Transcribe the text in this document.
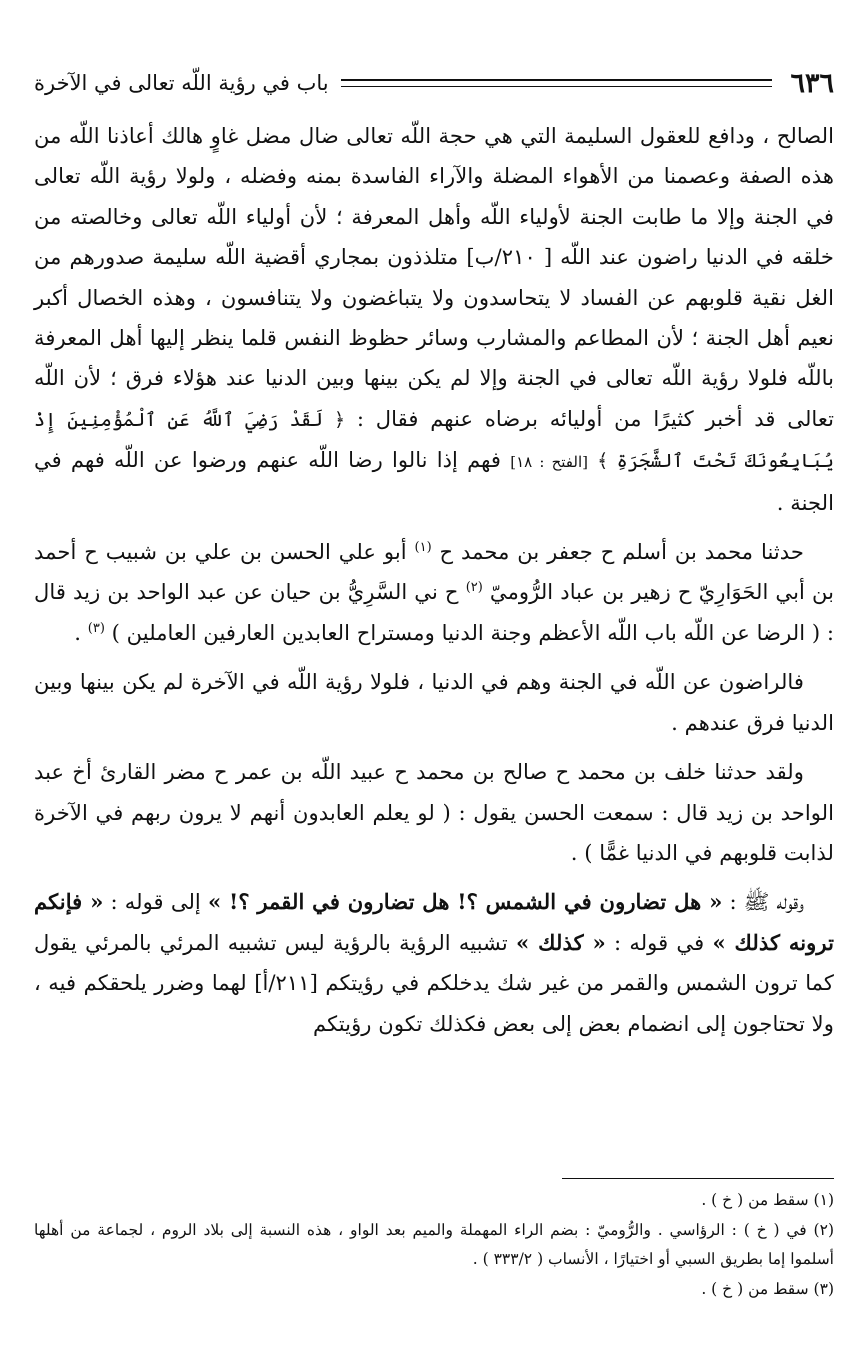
٦٣٦
باب في رؤية اللّه تعالى في الآخرة

الصالح ، ودافع للعقول السليمة التي هي حجة اللّه تعالى ضال مضل غاوٍ هالك أعاذنا اللّه من هذه الصفة وعصمنا من الأهواء المضلة والآراء الفاسدة بمنه وفضله ، ولولا رؤية اللّه تعالى في الجنة وإلا ما طابت الجنة لأولياء اللّه وأهل المعرفة ؛ لأن أولياء اللّه تعالى وخالصته من خلقه في الدنيا راضون عند اللّه [ ٢١٠/ب] متلذذون بمجاري أقضية اللّه سليمة صدورهم من الغل نقية قلوبهم عن الفساد لا يتحاسدون ولا يتباغضون ولا يتنافسون ، وهذه الخصال أكبر نعيم أهل الجنة ؛ لأن المطاعم والمشارب وسائر حظوظ النفس قلما ينظر إليها أهل المعرفة باللّه فلولا رؤية اللّه تعالى في الجنة وإلا لم يكن بينها وبين الدنيا عند هؤلاء فرق ؛ لأن اللّه تعالى قد أخبر كثيرًا من أوليائه برضاه عنهم فقال : ﴿ لَقَدْ رَضِيَ ٱللَّهُ عَنِ ٱلْمُؤْمِنِينَ إِذْ يُبَايِعُونَكَ تَحْتَ ٱلشَّجَرَةِ ﴾ [الفتح : ١٨] فهم إذا نالوا رضا اللّه عنهم ورضوا عن اللّه فهم في الجنة .

حدثنا محمد بن أسلم ح جعفر بن محمد ح $^{(١)}$ أبو علي الحسن بن علي بن شبيب ح أحمد بن أبي الحَوَارِيّ ح زهير بن عباد الرُّوميّ $^{(٢)}$ ح ني السَّرِيُّ بن حيان عن عبد الواحد بن زيد قال : ( الرضا عن اللّه باب اللّه الأعظم وجنة الدنيا ومستراح العابدين العارفين العاملين ) $^{(٣)}$ .

فالراضون عن اللّه في الجنة وهم في الدنيا ، فلولا رؤية اللّه في الآخرة لم يكن بينها وبين الدنيا فرق عندهم .

ولقد حدثنا خلف بن محمد ح صالح بن محمد ح عبيد اللّه بن عمر ح مضر القارئ أخ عبد الواحد بن زيد قال : سمعت الحسن يقول : ( لو يعلم العابدون أنهم لا يرون ربهم في الآخرة لذابت قلوبهم في الدنيا غمًّا ) .

وقوله ﷺ : « هل تضارون في الشمس ؟! هل تضارون في القمر ؟! » إلى قوله : « فإنكم ترونه كذلك » في قوله : « كذلك » تشبيه الرؤية بالرؤية ليس تشبيه المرئي بالمرئي يقول كما ترون الشمس والقمر من غير شك يدخلكم في رؤيتكم [٢١١/أ] لهما وضرر يلحقكم فيه ، ولا تحتاجون إلى انضمام بعض إلى بعض فكذلك تكون رؤيتكم

(١) سقط من ( خ ) .

(٢) في ( خ ) : الرؤاسي . والرُّوميّ : بضم الراء المهملة والميم بعد الواو ، هذه النسبة إلى بلاد الروم ، لجماعة من أهلها أسلموا إما بطريق السبي أو اختيارًا ، الأنساب ( ٣٣٣/٢ ) .

(٣) سقط من ( خ ) .
